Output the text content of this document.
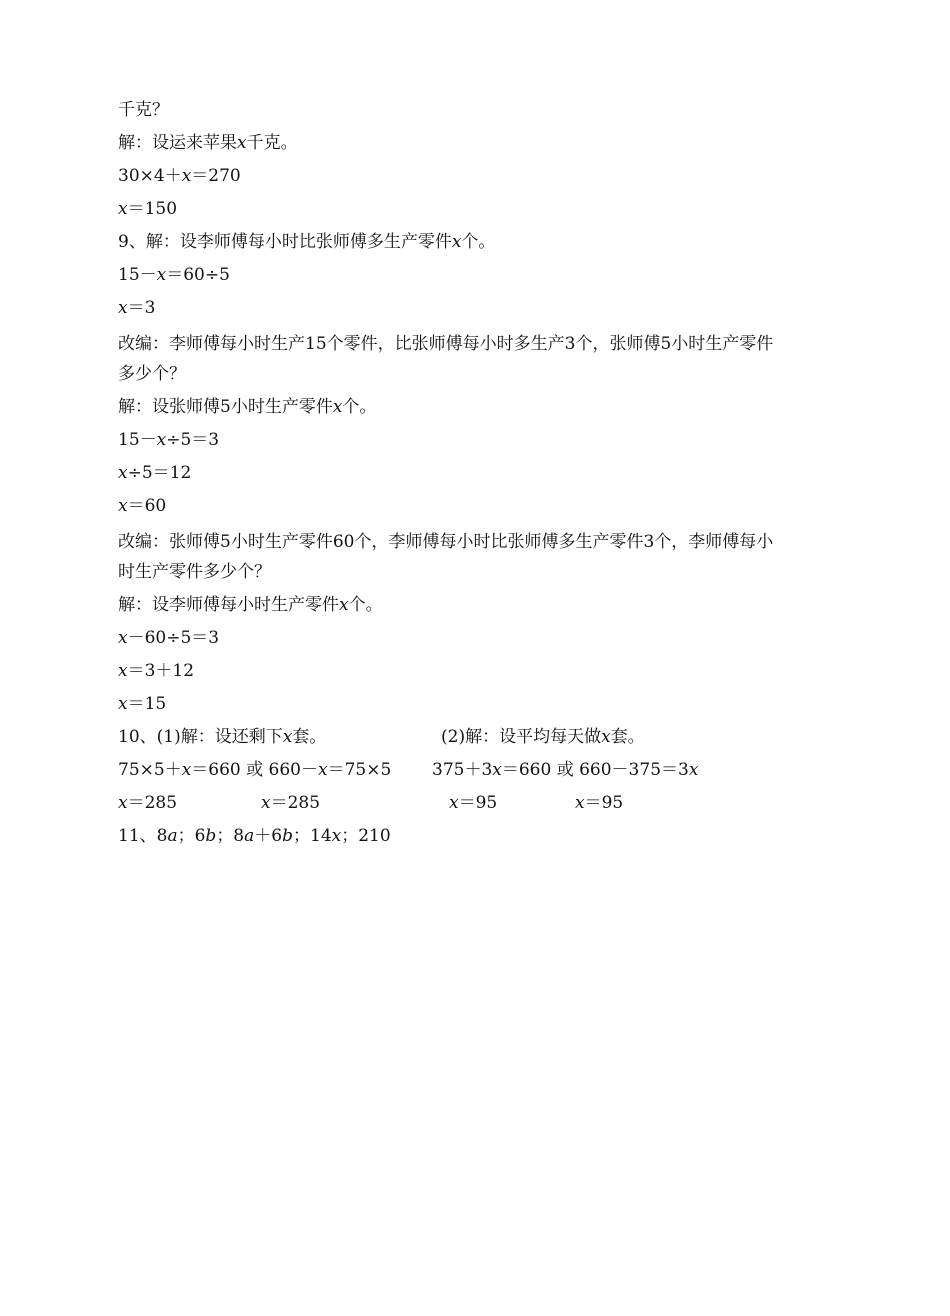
千克？
解：设运来苹果x千克。
30×4＋x＝270
x＝150
9、解：设李师傅每小时比张师傅多生产零件x个。
15－x＝60÷5
x＝3
改编：李师傅每小时生产15个零件，比张师傅每小时多生产3个，张师傅5小时生产零件
多少个？
解：设张师傅5小时生产零件x个。
15－x÷5＝3
x÷5＝12
x＝60
改编：张师傅5小时生产零件60个，李师傅每小时比张师傅多生产零件3个，李师傅每小
时生产零件多少个？
解：设李师傅每小时生产零件x个。
x－60÷5＝3
x＝3＋12
x＝15
10、(1)解：设还剩下x套。	(2)解：设平均每天做x套。
75×5＋x＝660 或 660－x＝75×5 375＋3x＝660 或 660－375＝3x
x＝285	x＝285	x＝95	x＝95
11、8a；6b；8a＋6b；14x；210
